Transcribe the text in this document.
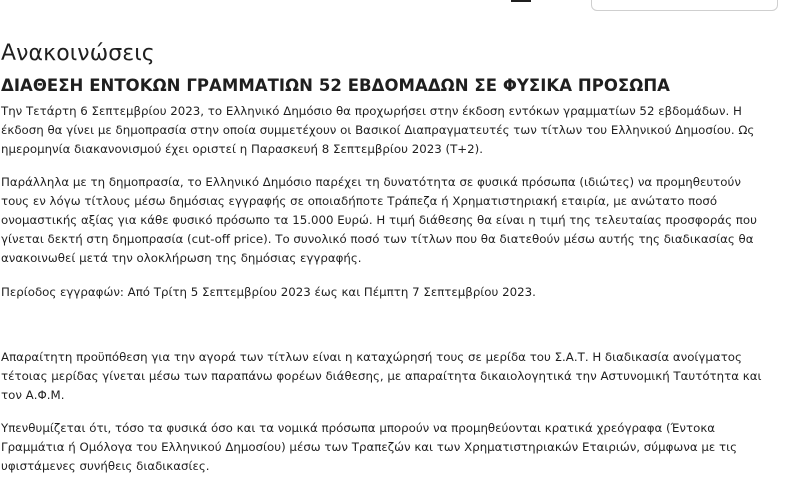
Ανακοινώσεις
ΔΙΑΘΕΣΗ ΕΝΤΟΚΩΝ ΓΡΑΜΜΑΤΙΩΝ 52 ΕΒΔΟΜΑΔΩΝ ΣΕ ΦΥΣΙΚΑ ΠΡΟΣΩΠΑ

Την Τετάρτη 6 Σεπτεμβρίου 2023, το Ελληνικό Δημόσιο θα προχωρήσει στην έκδοση εντόκων γραμματίων 52 εβδομάδων. Η έκδοση θα γίνει με δημοπρασία στην οποία συμμετέχουν οι Βασικοί Διαπραγματευτές των τίτλων του Ελληνικού Δημοσίου. Ως ημερομηνία διακανονισμού έχει οριστεί η Παρασκευή 8 Σεπτεμβρίου 2023 (T+2).

Παράλληλα με τη δημοπρασία, το Ελληνικό Δημόσιο παρέχει τη δυνατότητα σε φυσικά πρόσωπα (ιδιώτες) να προμηθευτούν τους εν λόγω τίτλους μέσω δημόσιας εγγραφής σε οποιαδήποτε Τράπεζα ή Χρηματιστηριακή εταιρία, με ανώτατο ποσό ονομαστικής αξίας για κάθε φυσικό πρόσωπο τα 15.000 Ευρώ. Η τιμή διάθεσης θα είναι η τιμή της τελευταίας προσφοράς που γίνεται δεκτή στη δημοπρασία (cut-off price). Το συνολικό ποσό των τίτλων που θα διατεθούν μέσω αυτής της διαδικασίας θα ανακοινωθεί μετά την ολοκλήρωση της δημόσιας εγγραφής.

Περίοδος εγγραφών: Από Τρίτη 5 Σεπτεμβρίου 2023 έως και Πέμπτη 7 Σεπτεμβρίου 2023.

Απαραίτητη προϋπόθεση για την αγορά των τίτλων είναι η καταχώρησή τους σε μερίδα του Σ.Α.Τ. Η διαδικασία ανοίγματος τέτοιας μερίδας γίνεται μέσω των παραπάνω φορέων διάθεσης, με απαραίτητα δικαιολογητικά την Αστυνομική Ταυτότητα και τον Α.Φ.Μ.

Υπενθυμίζεται ότι, τόσο τα φυσικά όσο και τα νομικά πρόσωπα μπορούν να προμηθεύονται κρατικά χρεόγραφα (Έντοκα Γραμμάτια ή Ομόλογα του Ελληνικού Δημοσίου) μέσω των Τραπεζών και των Χρηματιστηριακών Εταιριών, σύμφωνα με τις υφιστάμενες συνήθεις διαδικασίες.
